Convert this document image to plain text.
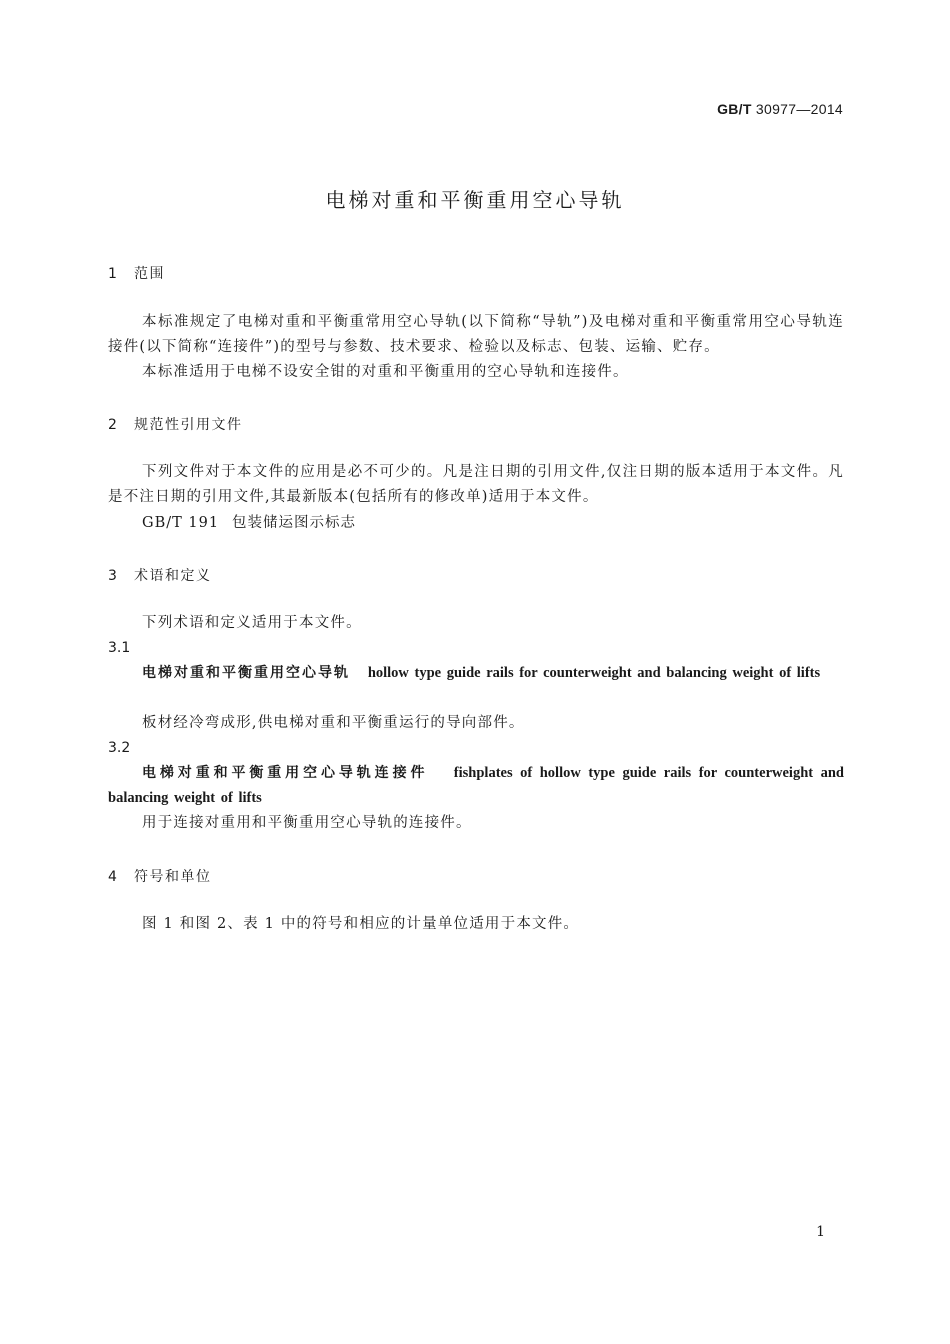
GB/T 30977—2014
电梯对重和平衡重用空心导轨
1 范围
本标准规定了电梯对重和平衡重常用空心导轨(以下简称“导轨”)及电梯对重和平衡重常用空心导轨连接件(以下简称“连接件”)的型号与参数、技术要求、检验以及标志、包装、运输、贮存。
本标准适用于电梯不设安全钳的对重和平衡重用的空心导轨和连接件。
2 规范性引用文件
下列文件对于本文件的应用是必不可少的。凡是注日期的引用文件,仅注日期的版本适用于本文件。凡是不注日期的引用文件,其最新版本(包括所有的修改单)适用于本文件。
GB/T 191 包装储运图示标志
3 术语和定义
下列术语和定义适用于本文件。
3.1
电梯对重和平衡重用空心导轨 hollow type guide rails for counterweight and balancing weight of lifts
板材经冷弯成形,供电梯对重和平衡重运行的导向部件。
3.2
电梯对重和平衡重用空心导轨连接件 fishplates of hollow type guide rails for counterweight and balancing weight of lifts
用于连接对重用和平衡重用空心导轨的连接件。
4 符号和单位
图 1 和图 2、表 1 中的符号和相应的计量单位适用于本文件。
1
